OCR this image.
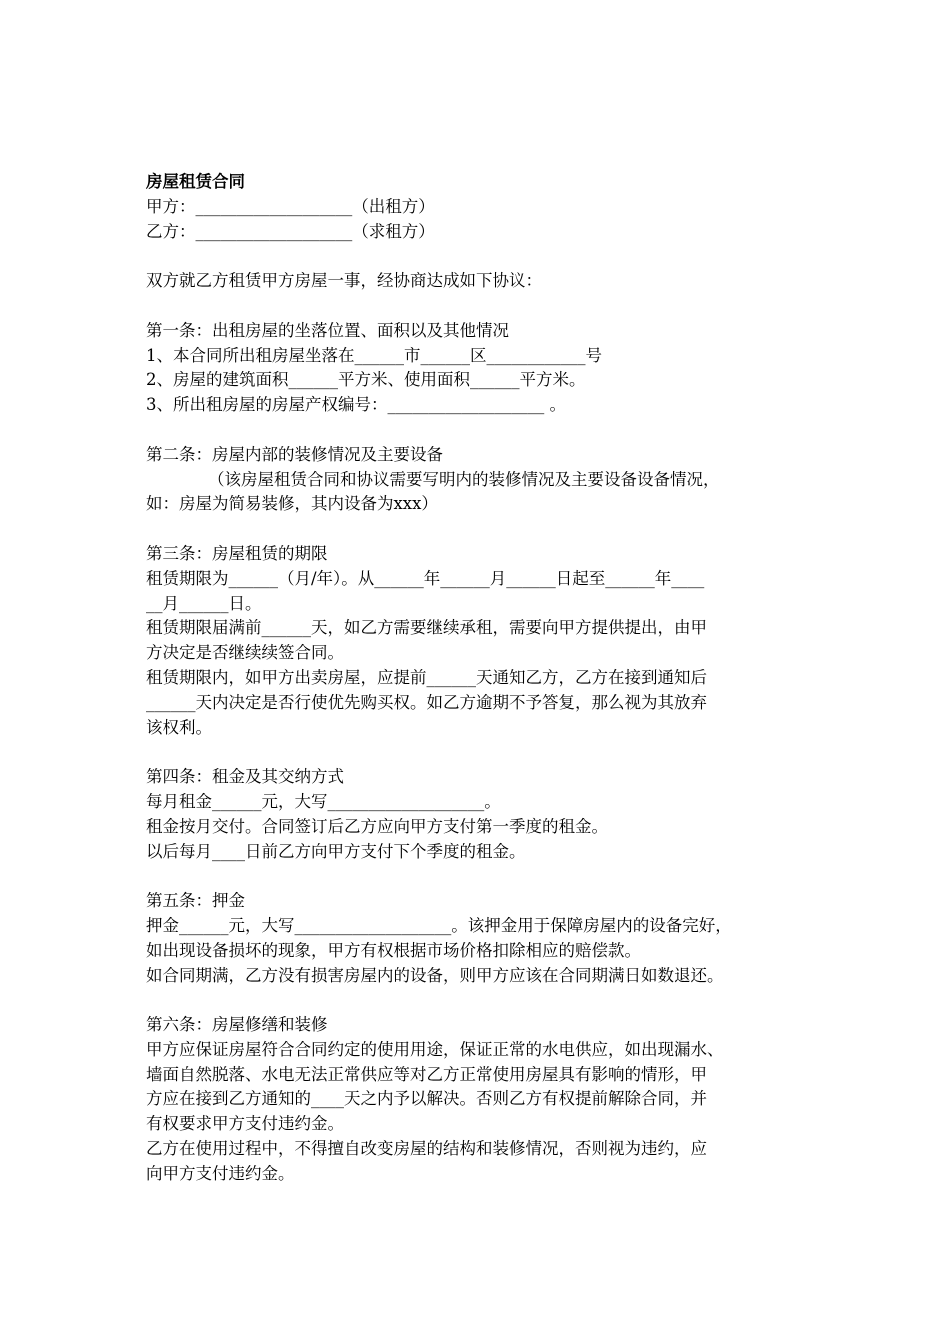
房屋租赁合同
甲方：___________________（出租方）
乙方：___________________（求租方）
双方就乙方租赁甲方房屋一事，经协商达成如下协议：
第一条：出租房屋的坐落位置、面积以及其他情况
1、本合同所出租房屋坐落在______市______区____________号
2、房屋的建筑面积______平方米、使用面积______平方米。
3、所出租房屋的房屋产权编号：___________________ 。
第二条：房屋内部的装修情况及主要设备
（该房屋租赁合同和协议需要写明内的装修情况及主要设备设备情况，
如：房屋为简易装修，其内设备为xxx）
第三条：房屋租赁的期限
租赁期限为______（月/年）。从______年______月______日起至______年____
__月______日。
租赁期限届满前______天，如乙方需要继续承租，需要向甲方提供提出，由甲
方决定是否继续续签合同。
租赁期限内，如甲方出卖房屋，应提前______天通知乙方，乙方在接到通知后
______天内决定是否行使优先购买权。如乙方逾期不予答复，那么视为其放弃
该权利。
第四条：租金及其交纳方式
每月租金______元，大写___________________。
租金按月交付。合同签订后乙方应向甲方支付第一季度的租金。
以后每月____日前乙方向甲方支付下个季度的租金。
第五条：押金
押金______元，大写___________________。该押金用于保障房屋内的设备完好，
如出现设备损坏的现象，甲方有权根据市场价格扣除相应的赔偿款。
如合同期满，乙方没有损害房屋内的设备，则甲方应该在合同期满日如数退还。
第六条：房屋修缮和装修
甲方应保证房屋符合合同约定的使用用途，保证正常的水电供应，如出现漏水、
墙面自然脱落、水电无法正常供应等对乙方正常使用房屋具有影响的情形，甲
方应在接到乙方通知的____天之内予以解决。否则乙方有权提前解除合同，并
有权要求甲方支付违约金。
乙方在使用过程中，不得擅自改变房屋的结构和装修情况，否则视为违约，应
向甲方支付违约金。
